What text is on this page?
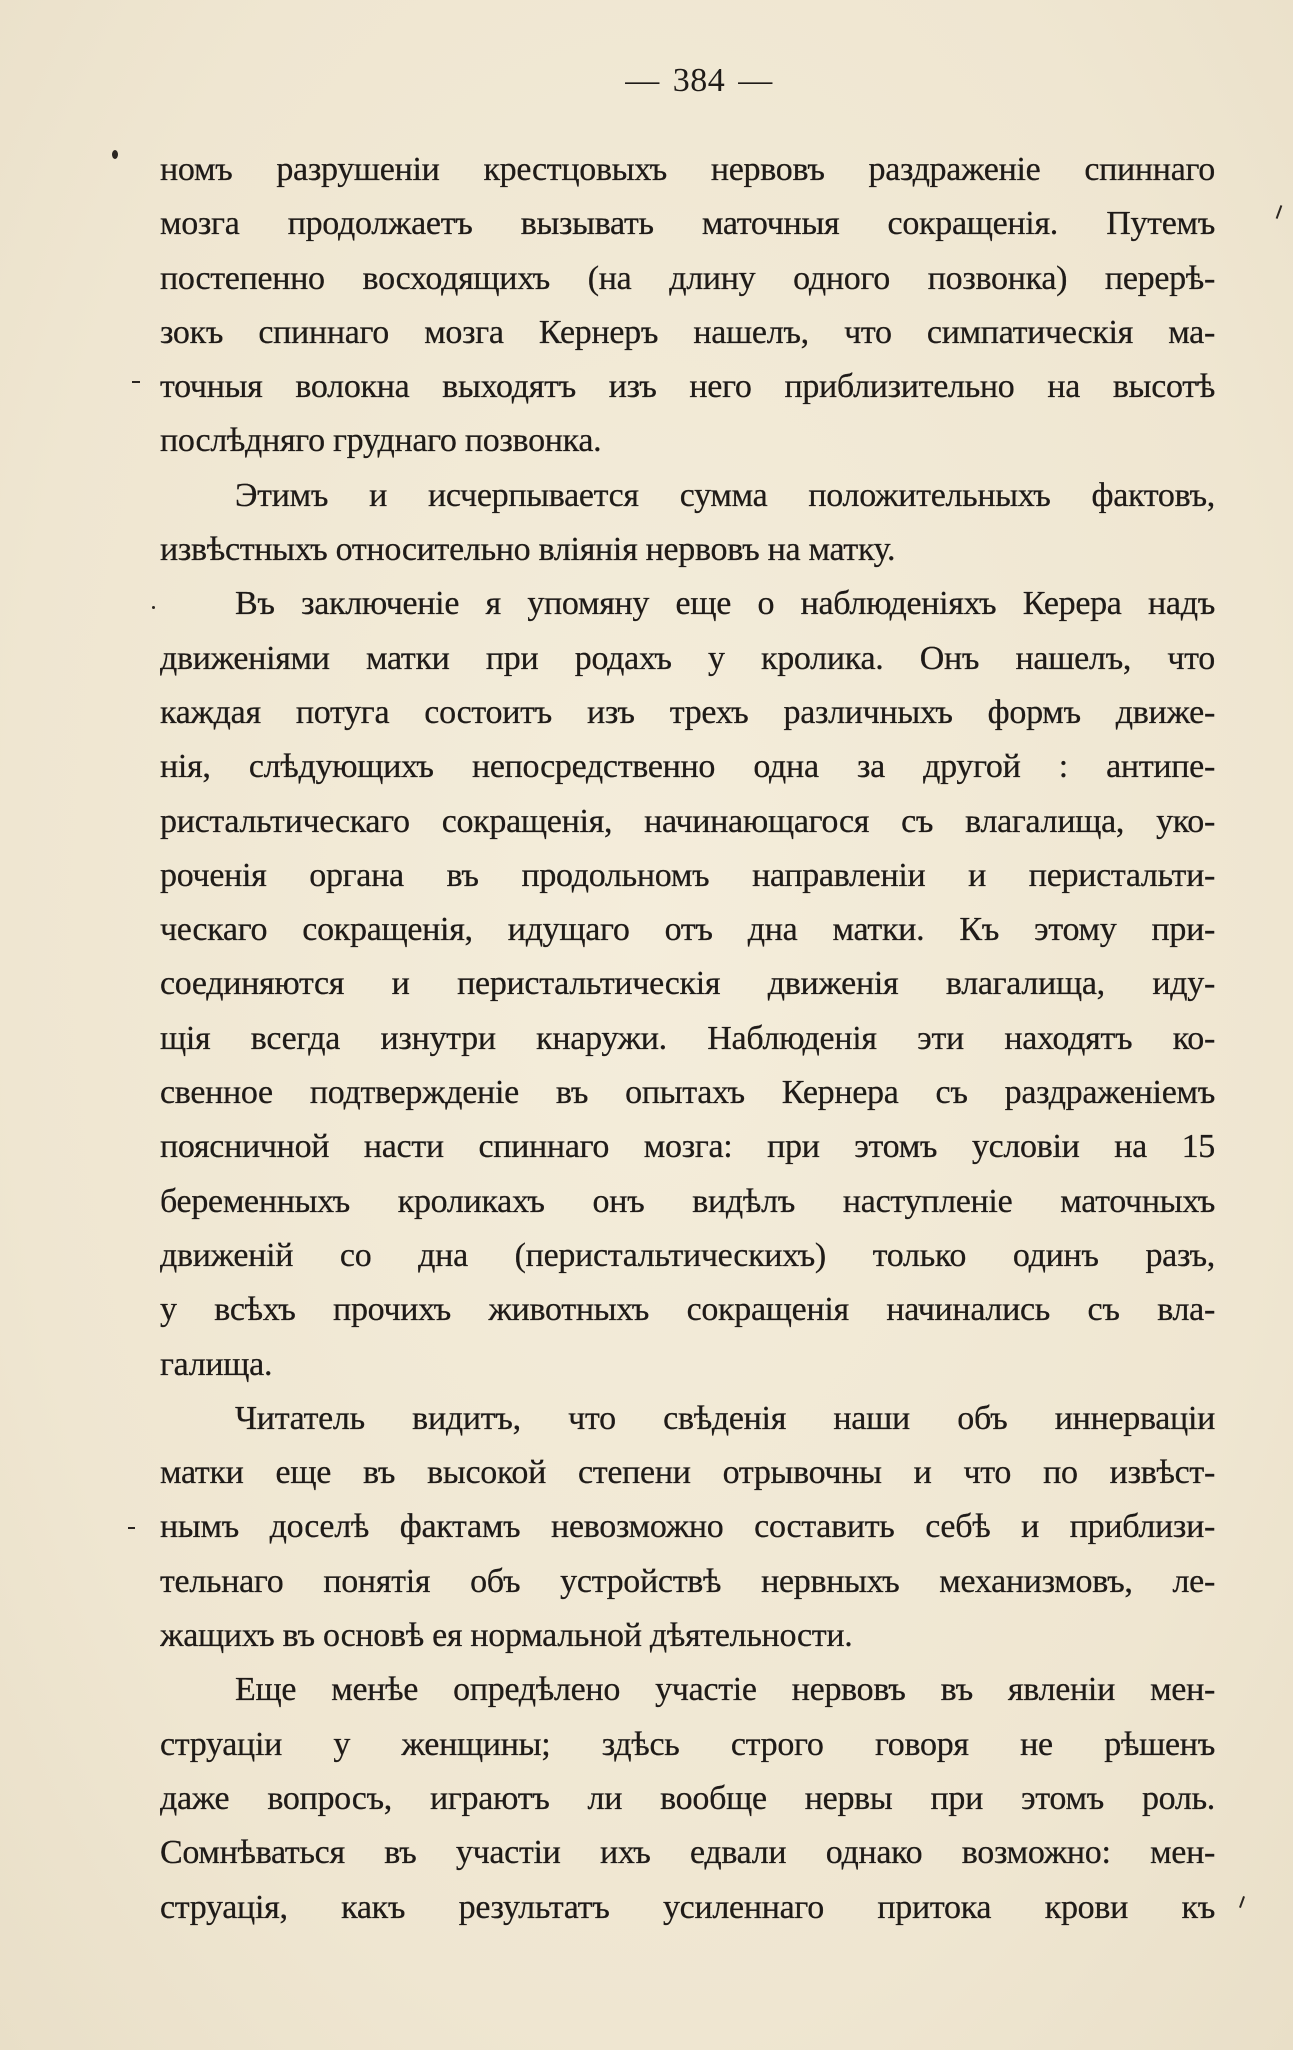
— 384 —
номъ разрушеніи крестцовыхъ нервовъ раздраженіе спиннаго
мозга продолжаетъ вызывать маточныя сокращенія. Путемъ
постепенно восходящихъ (на длину одного позвонка) перерѣ-
зокъ спиннаго мозга Кернеръ нашелъ, что симпатическія ма-
точныя волокна выходятъ изъ него приблизительно на высотѣ
послѣдняго груднаго позвонка.
Этимъ и исчерпывается сумма положительныхъ фактовъ,
извѣстныхъ относительно вліянія нервовъ на матку.
Въ заключеніе я упомяну еще о наблюденіяхъ Керера надъ
движеніями матки при родахъ у кролика. Онъ нашелъ, что
каждая потуга состоитъ изъ трехъ различныхъ формъ движе-
нія, слѣдующихъ непосредственно одна за другой : антипе-
ристальтическаго сокращенія, начинающагося съ влагалища, уко-
роченія органа въ продольномъ направленіи и перистальти-
ческаго сокращенія, идущаго отъ дна матки. Къ этому при-
соединяются и перистальтическія движенія влагалища, иду-
щія всегда изнутри кнаружи. Наблюденія эти находятъ ко-
свенное подтвержденіе въ опытахъ Кернера съ раздраженіемъ
поясничной насти спиннаго мозга: при этомъ условіи на 15
беременныхъ кроликахъ онъ видѣлъ наступленіе маточныхъ
движеній со дна (перистальтическихъ) только одинъ разъ,
у всѣхъ прочихъ животныхъ сокращенія начинались съ вла-
галища.
Читатель видитъ, что свѣденія наши объ иннерваціи
матки еще въ высокой степени отрывочны и что по извѣст-
нымъ доселѣ фактамъ невозможно составить себѣ и приблизи-
тельнаго понятія объ устройствѣ нервныхъ механизмовъ, ле-
жащихъ въ основѣ ея нормальной дѣятельности.
Еще менѣе опредѣлено участіе нервовъ въ явленіи мен-
струаціи у женщины; здѣсь строго говоря не рѣшенъ
даже вопросъ, играютъ ли вообще нервы при этомъ роль.
Сомнѣваться въ участіи ихъ едвали однако возможно: мен-
струація, какъ результатъ усиленнаго притока крови къ
